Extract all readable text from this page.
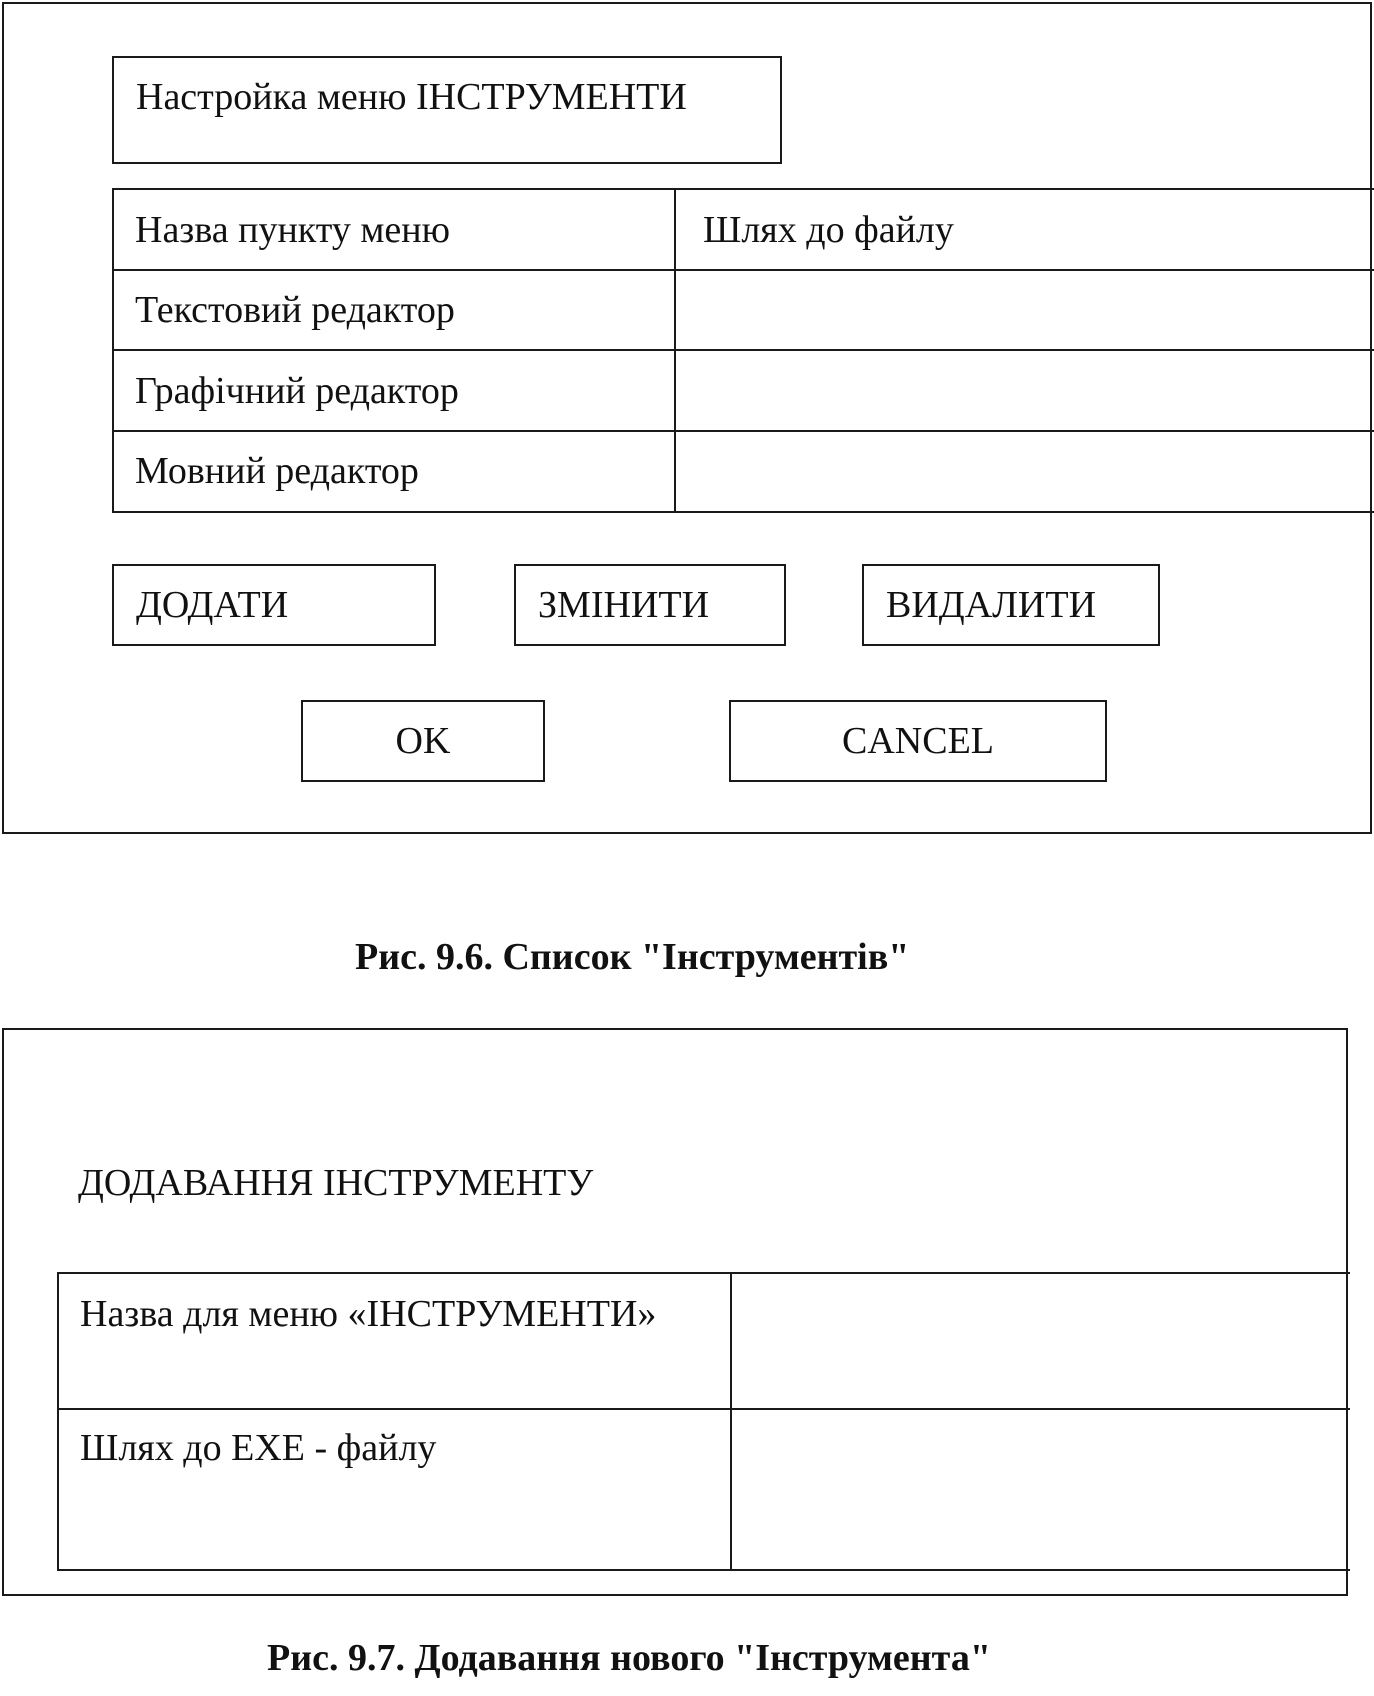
Настройка меню ІНСТРУМЕНТИ
Назва пункту меню	Шлях до файлу
Текстовий редактор
Графічний редактор
Мовний редактор
ДОДАТИ	ЗМІНИТИ	ВИДАЛИТИ
OK	CANCEL
Рис. 9.6. Список "Інструментів"
ДОДАВАННЯ ІНСТРУМЕНТУ
Назва для меню «ІНСТРУМЕНТИ»
Шлях до EXE - файлу
Рис. 9.7. Додавання нового "Інструмента"
